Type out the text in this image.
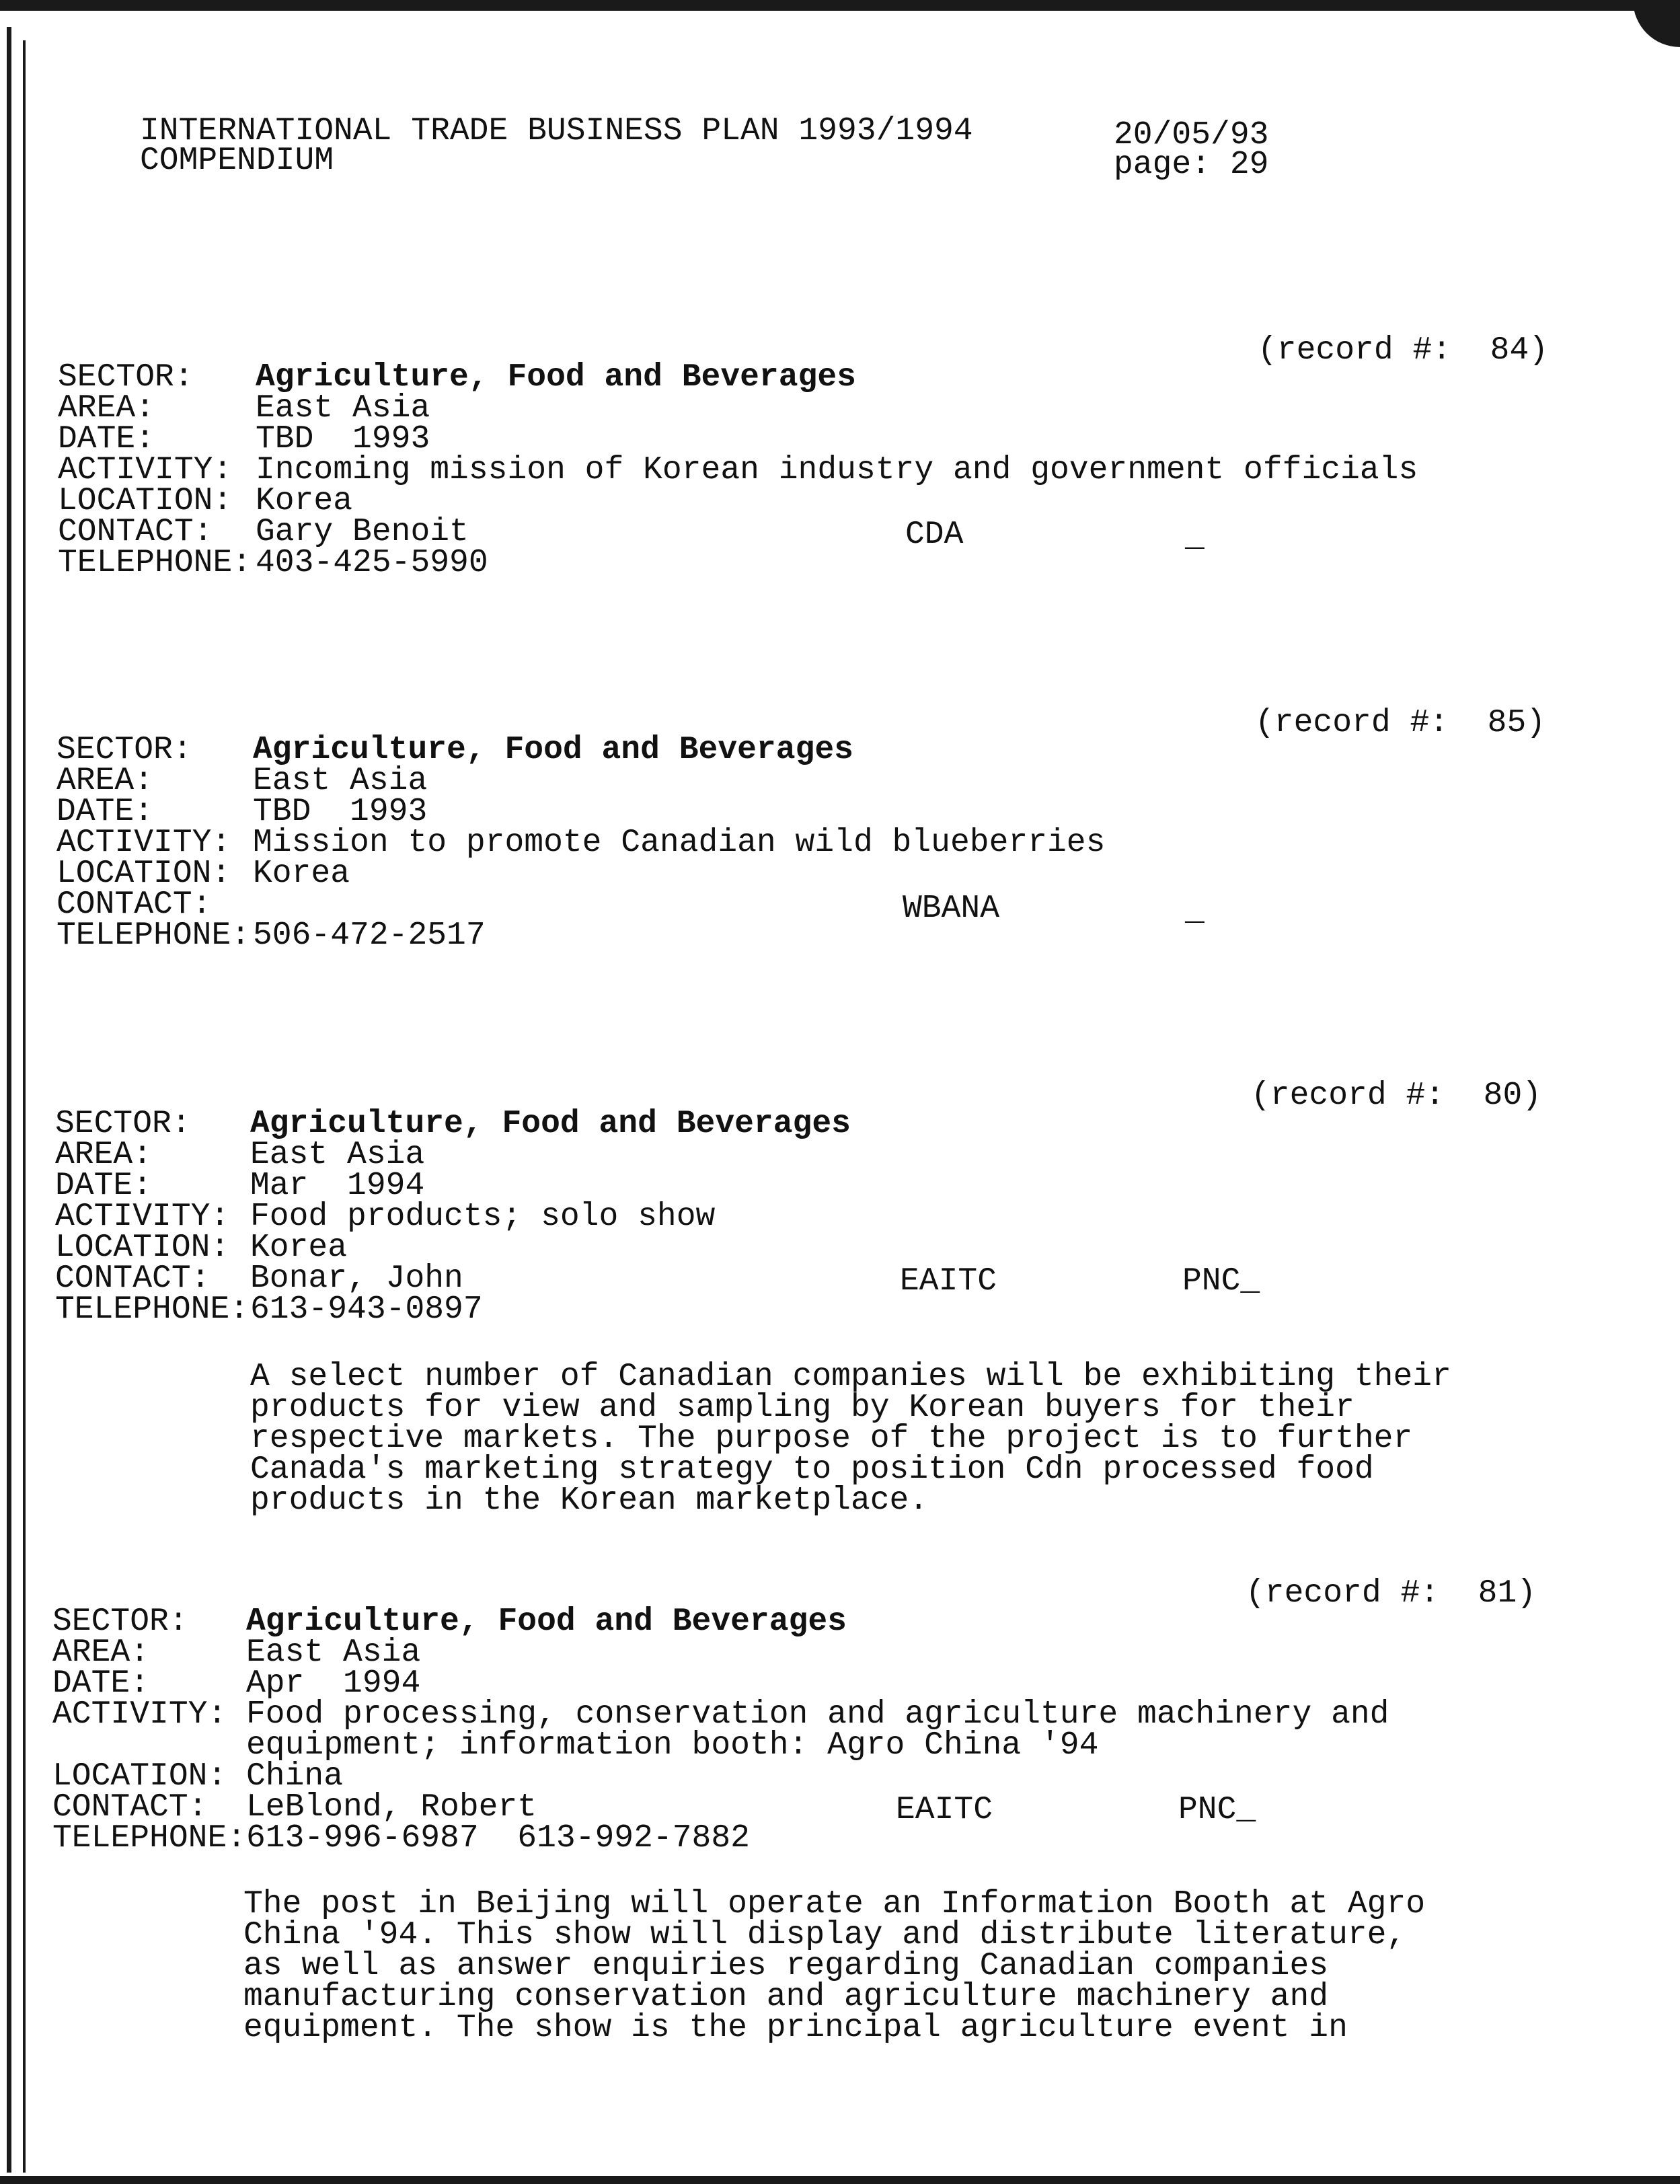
INTERNATIONAL TRADE BUSINESS PLAN 1993/1994
COMPENDIUM
20/05/93
page: 29
(record #:  84)
SECTOR: Agriculture, Food and Beverages
AREA:	East Asia
DATE:	TBD  1993
ACTIVITY: Incoming mission of Korean industry and government officials
LOCATION: Korea
CONTACT: Gary Benoit	CDA	_
TELEPHONE: 403-425-5990
(record #:  85)
SECTOR: Agriculture, Food and Beverages
AREA:	East Asia
DATE:	TBD  1993
ACTIVITY: Mission to promote Canadian wild blueberries
LOCATION: Korea
CONTACT:	WBANA	_
TELEPHONE: 506-472-2517
(record #:  80)
SECTOR: Agriculture, Food and Beverages
AREA:	East Asia
DATE:	Mar  1994
ACTIVITY: Food products; solo show
LOCATION: Korea
CONTACT: Bonar, John	EAITC	PNC_
TELEPHONE: 613-943-0897
A select number of Canadian companies will be exhibiting their
products for view and sampling by Korean buyers for their
respective markets. The purpose of the project is to further
Canada's marketing strategy to position Cdn processed food
products in the Korean marketplace.
(record #:  81)
SECTOR: Agriculture, Food and Beverages
AREA:	East Asia
DATE:	Apr  1994
ACTIVITY: Food processing, conservation and agriculture machinery and
equipment; information booth: Agro China '94
LOCATION: China
CONTACT: LeBlond, Robert	EAITC	PNC_
TELEPHONE: 613-996-6987  613-992-7882
The post in Beijing will operate an Information Booth at Agro
China '94. This show will display and distribute literature,
as well as answer enquiries regarding Canadian companies
manufacturing conservation and agriculture machinery and
equipment. The show is the principal agriculture event in
